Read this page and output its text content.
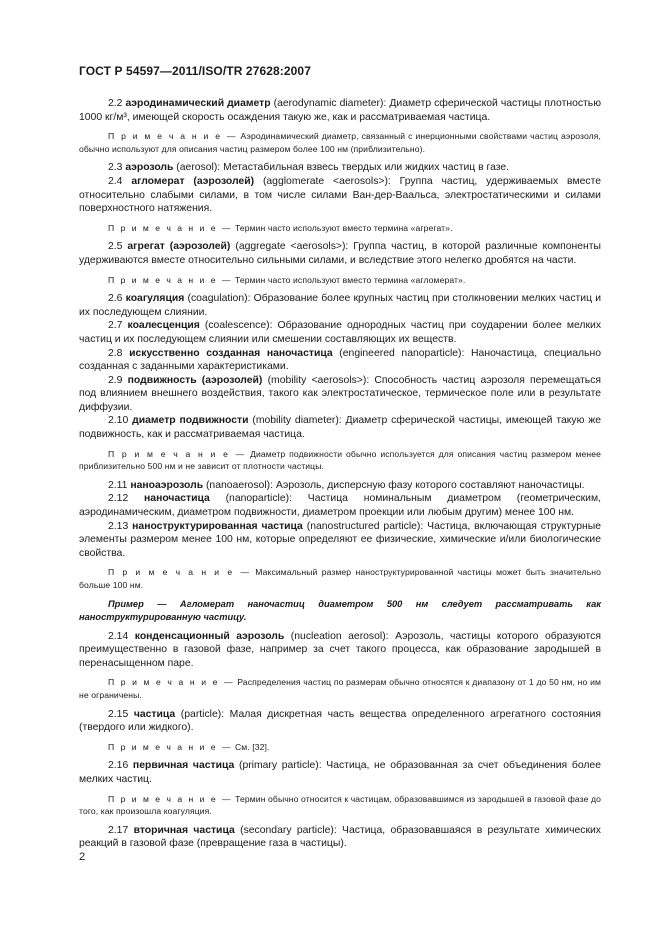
ГОСТ Р 54597—2011/ISO/TR 27628:2007

2.2 аэродинамический диаметр (aerodynamic diameter): Диаметр сферической частицы плотностью 1000 кг/м³, имеющей скорость осаждения такую же, как и рассматриваемая частица.

П р и м е ч а н и е — Аэродинамический диаметр, связанный с инерционными свойствами частиц аэрозоля, обычно используют для описания частиц размером более 100 нм (приблизительно).

2.3 аэрозоль (aerosol): Метастабильная взвесь твердых или жидких частиц в газе.

2.4 агломерат (аэрозолей) (agglomerate <aerosols>): Группа частиц, удерживаемых вместе относительно слабыми силами, в том числе силами Ван-дер-Ваальса, электростатическими и силами поверхностного натяжения.

П р и м е ч а н и е — Термин часто используют вместо термина «агрегат».

2.5 агрегат (аэрозолей) (aggregate <aerosols>): Группа частиц, в которой различные компоненты удерживаются вместе относительно сильными силами, и вследствие этого нелегко дробятся на части.

П р и м е ч а н и е — Термин часто используют вместо термина «агломерат».

2.6 коагуляция (coagulation): Образование более крупных частиц при столкновении мелких частиц и их последующем слиянии.

2.7 коалесценция (coalescence): Образование однородных частиц при соударении более мелких частиц и их последующем слиянии или смешении составляющих их веществ.

2.8 искусственно созданная наночастица (engineered nanoparticle): Наночастица, специально созданная с заданными характеристиками.

2.9 подвижность (аэрозолей) (mobility <aerosols>): Способность частиц аэрозоля перемещаться под влиянием внешнего воздействия, такого как электростатическое, термическое поле или в результате диффузии.

2.10 диаметр подвижности (mobility diameter): Диаметр сферической частицы, имеющей такую же подвижность, как и рассматриваемая частица.

П р и м е ч а н и е — Диаметр подвижности обычно используется для описания частиц размером менее приблизительно 500 нм и не зависит от плотности частицы.

2.11 наноаэрозоль (nanoaerosol): Аэрозоль, дисперсную фазу которого составляют наночастицы.

2.12 наночастица (nanoparticle): Частица номинальным диаметром (геометрическим, аэродинамическим, диаметром подвижности, диаметром проекции или любым другим) менее 100 нм.

2.13 наноструктурированная частица (nanostructured particle): Частица, включающая структурные элементы размером менее 100 нм, которые определяют ее физические, химические и/или биологические свойства.

П р и м е ч а н и е — Максимальный размер наноструктурированной частицы может быть значительно больше 100 нм.

Пример — Агломерат наночастиц диаметром 500 нм следует рассматривать как наноструктурированную частицу.

2.14 конденсационный аэрозоль (nucleation aerosol): Аэрозоль, частицы которого образуются преимущественно в газовой фазе, например за счет такого процесса, как образование зародышей в перенасыщенном паре.

П р и м е ч а н и е — Распределения частиц по размерам обычно относятся к диапазону от 1 до 50 нм, но им не ограничены.

2.15 частица (particle): Малая дискретная часть вещества определенного агрегатного состояния (твердого или жидкого).

П р и м е ч а н и е — См. [32].

2.16 первичная частица (primary particle): Частица, не образованная за счет объединения более мелких частиц.

П р и м е ч а н и е — Термин обычно относится к частицам, образовавшимся из зародышей в газовой фазе до того, как произошла коагуляция.

2.17 вторичная частица (secondary particle): Частица, образовавшаяся в результате химических реакций в газовой фазе (превращение газа в частицы).

2
